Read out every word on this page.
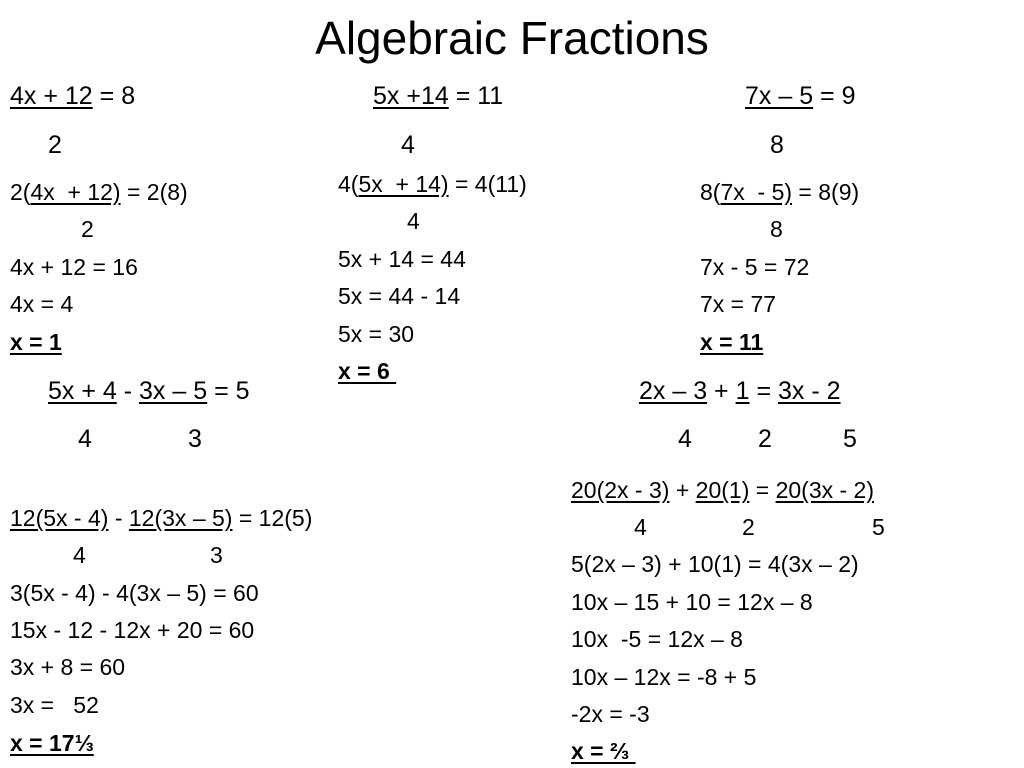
Algebraic Fractions
4x + 12 = 8
2
2(4x  + 12) = 2(8)
2
4x + 12 = 16
4x = 4
x = 1
5x +14 = 11
4
4(5x  + 14) = 4(11)
4
5x + 14 = 44
5x = 44 - 14
5x = 30
x = 6
7x – 5 = 9
8
8(7x  - 5) = 8(9)
8
7x - 5 = 72
7x = 77
x = 11
5x + 4 - 3x – 5 = 5
4	3
12(5x - 4) - 12(3x – 5) = 12(5)
4	3
3(5x - 4) - 4(3x – 5) = 60
15x - 12 - 12x + 20 = 60
3x + 8 = 60
3x =   52
x = 17⅓
2x – 3 + 1 = 3x - 2
4	2	5
20(2x - 3) + 20(1) = 20(3x - 2)
4	2	5
5(2x – 3) + 10(1) = 4(3x – 2)
10x – 15 + 10 = 12x – 8
10x  -5 = 12x – 8
10x – 12x = -8 + 5
-2x = -3
x = ⅔
